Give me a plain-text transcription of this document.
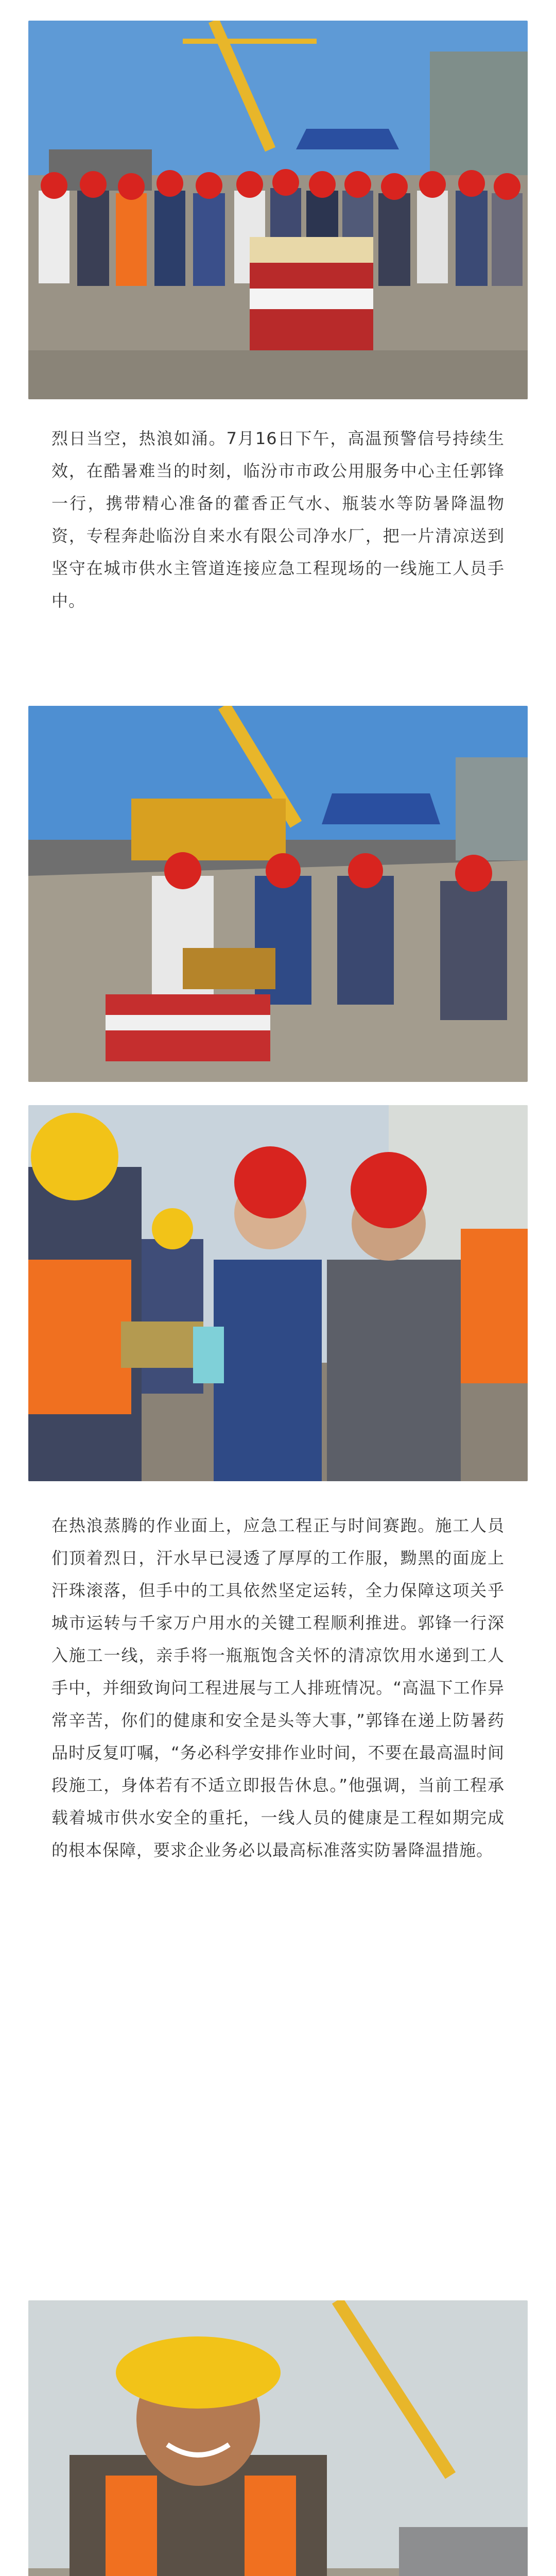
烈日当空，热浪如涌。7月16日下午，高温预警信号持续生效，在酷暑难当的时刻，临汾市市政公用服务中心主任郭锋一行，携带精心准备的藿香正气水、瓶装水等防暑降温物资，专程奔赴临汾自来水有限公司净水厂，把一片清凉送到坚守在城市供水主管道连接应急工程现场的一线施工人员手中。

在热浪蒸腾的作业面上，应急工程正与时间赛跑。施工人员们顶着烈日，汗水早已浸透了厚厚的工作服，黝黑的面庞上汗珠滚落，但手中的工具依然坚定运转，全力保障这项关乎城市运转与千家万户用水的关键工程顺利推进。郭锋一行深入施工一线，亲手将一瓶瓶饱含关怀的清凉饮用水递到工人手中，并细致询问工程进展与工人排班情况。“高温下工作异常辛苦，你们的健康和安全是头等大事，”郭锋在递上防暑药品时反复叮嘱，“务必科学安排作业时间，不要在最高温时间段施工，身体若有不适立即报告休息。”他强调，当前工程承载着城市供水安全的重托，一线人员的健康是工程如期完成的根本保障，要求企业务必以最高标准落实防暑降温措施。
